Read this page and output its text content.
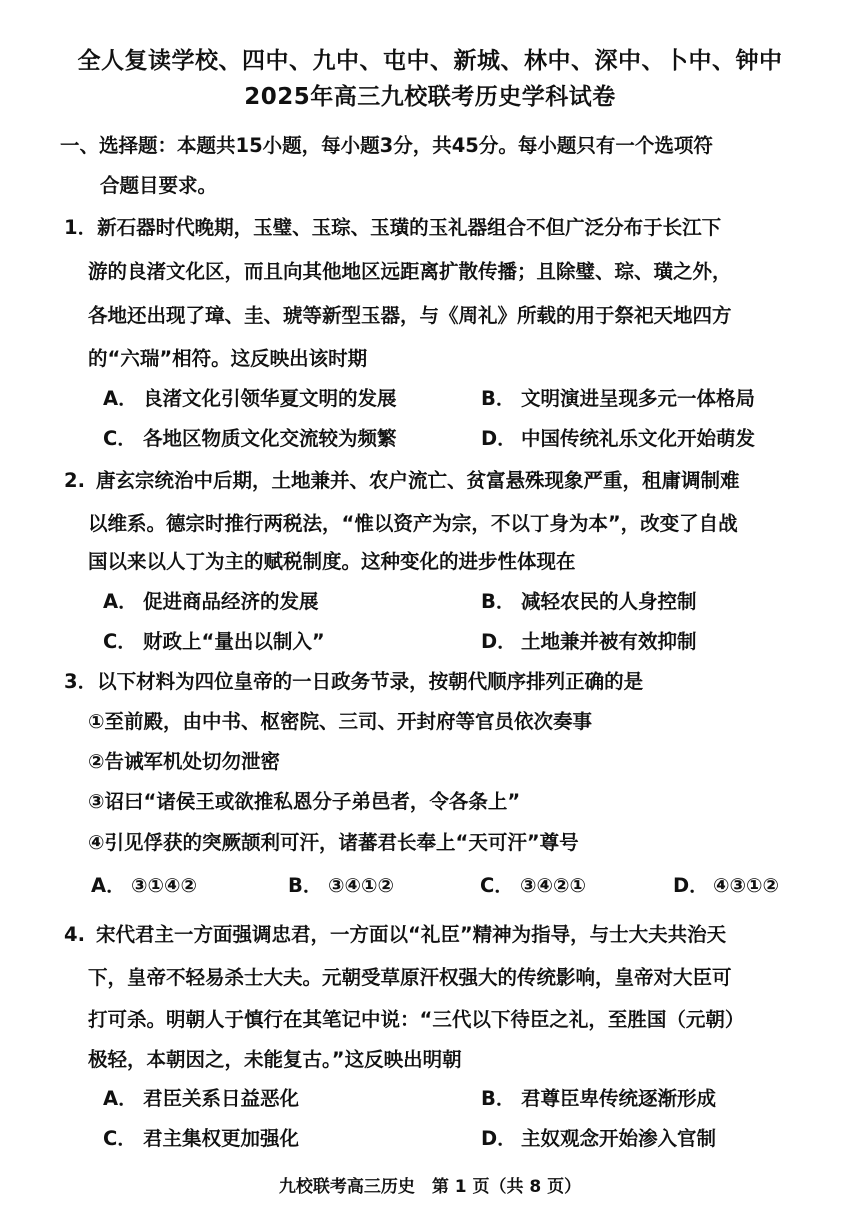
全人复读学校、四中、九中、屯中、新城、林中、深中、卜中、钟中
2025年高三九校联考历史学科试卷
一、选择题：本题共15小题，每小题3分，共45分。每小题只有一个选项符
合题目要求。
1．新石器时代晚期，玉璧、玉琮、玉璜的玉礼器组合不但广泛分布于长江下
游的良渚文化区，而且向其他地区远距离扩散传播；且除璧、琮、璜之外，
各地还出现了璋、圭、琥等新型玉器，与《周礼》所载的用于祭祀天地四方
的“六瑞”相符。这反映出该时期
A． 良渚文化引领华夏文明的发展	B． 文明演进呈现多元一体格局
C． 各地区物质文化交流较为频繁	D． 中国传统礼乐文化开始萌发
2. 唐玄宗统治中后期，土地兼并、农户流亡、贫富悬殊现象严重，租庸调制难
以维系。德宗时推行两税法，“惟以资产为宗，不以丁身为本”，改变了自战
国以来以人丁为主的赋税制度。这种变化的进步性体现在
A． 促进商品经济的发展	B． 减轻农民的人身控制
C． 财政上“量出以制入”	D． 土地兼并被有效抑制
3．以下材料为四位皇帝的一日政务节录，按朝代顺序排列正确的是
①至前殿，由中书、枢密院、三司、开封府等官员依次奏事
②告诫军机处切勿泄密
③诏曰“诸侯王或欲推私恩分子弟邑者，令各条上”
④引见俘获的突厥颉利可汗，诸蕃君长奉上“天可汗”尊号
A． ③①④②	B． ③④①②	C． ③④②①	D． ④③①②
4. 宋代君主一方面强调忠君，一方面以“礼臣”精神为指导，与士大夫共治天
下，皇帝不轻易杀士大夫。元朝受草原汗权强大的传统影响，皇帝对大臣可
打可杀。明朝人于慎行在其笔记中说：“三代以下待臣之礼，至胜国（元朝）
极轻，本朝因之，未能复古。”这反映出明朝
A． 君臣关系日益恶化	B． 君尊臣卑传统逐渐形成
C． 君主集权更加强化	D． 主奴观念开始渗入官制
九校联考高三历史　第 1 页（共 8 页）
